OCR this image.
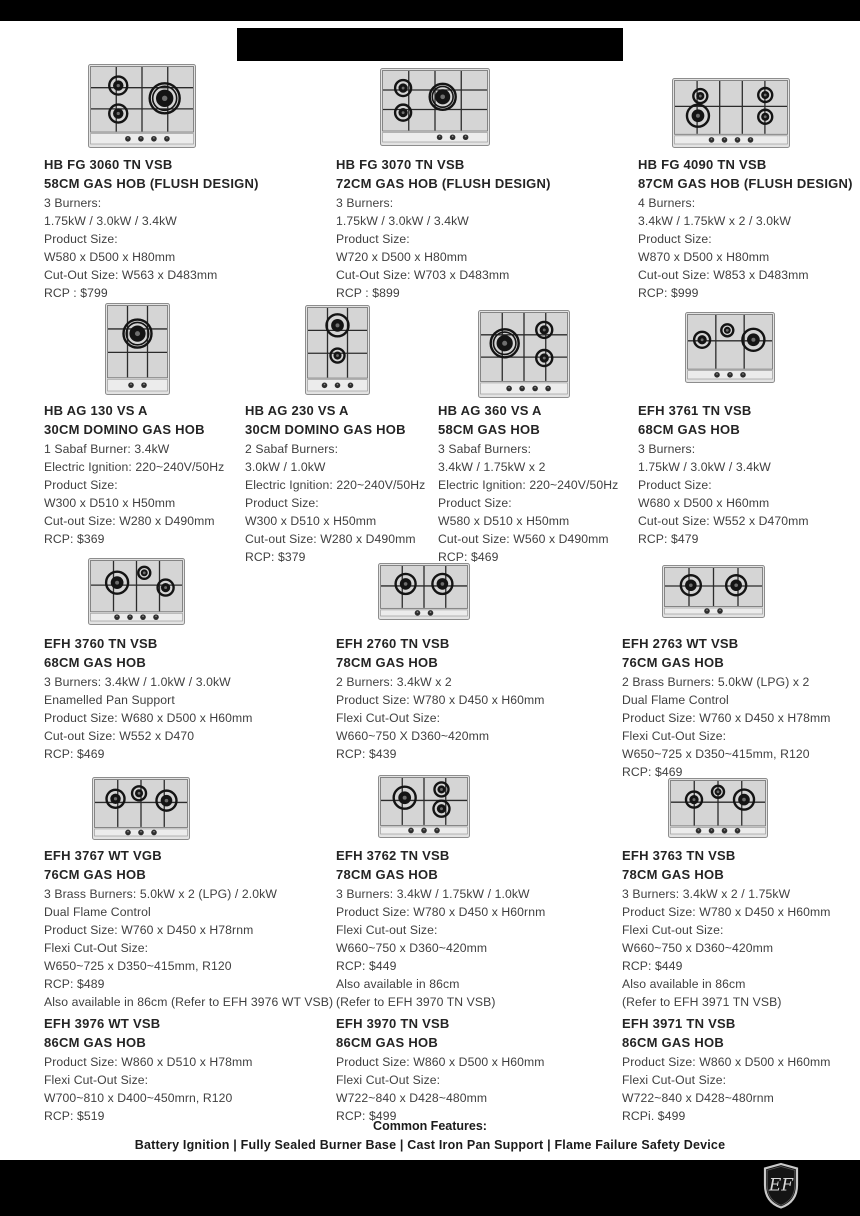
HB FG 3060 TN VSB
58CM GAS HOB (FLUSH DESIGN)
3 Burners:
1.75kW / 3.0kW / 3.4kW
Product Size:
W580 x D500 x H80mm
Cut-Out Size: W563 x D483mm
RCP : $799
HB FG 3070 TN VSB
72CM GAS HOB (FLUSH DESIGN)
3 Burners:
1.75kW / 3.0kW / 3.4kW
Product Size:
W720 x D500 x H80mm
Cut-Out Size: W703 x D483mm
RCP : $899
HB FG 4090 TN VSB
87CM GAS HOB (FLUSH DESIGN)
4 Burners:
3.4kW / 1.75kW x 2 / 3.0kW
Product Size:
W870 x D500 x H80mm
Cut-out Size: W853 x D483mm
RCP: $999
HB AG 130 VS A
30CM DOMINO GAS HOB
1 Sabaf Burner: 3.4kW
Electric Ignition: 220~240V/50Hz
Product Size:
W300 x D510 x H50mm
Cut-out Size: W280 x D490mm
RCP: $369
HB AG 230 VS A
30CM DOMINO GAS HOB
2 Sabaf Burners:
3.0kW / 1.0kW
Electric Ignition: 220~240V/50Hz
Product Size:
W300 x D510 x H50mm
Cut-out Size: W280 x D490mm
RCP: $379
HB AG 360 VS A
58CM GAS HOB
3 Sabaf Burners:
3.4kW / 1.75kW x 2
Electric Ignition: 220~240V/50Hz
Product Size:
W580 x D510 x H50mm
Cut-out Size: W560 x D490mm
RCP: $469
EFH 3761 TN VSB
68CM GAS HOB
3 Burners:
1.75kW / 3.0kW / 3.4kW
Product Size:
W680 x D500 x H60mm
Cut-out Size: W552 x D470mm
RCP: $479
EFH 3760 TN VSB
68CM GAS HOB
3 Burners: 3.4kW / 1.0kW / 3.0kW
Enamelled Pan Support
Product Size: W680 x D500 x H60mm
Cut-out Size: W552 x D470
RCP: $469
EFH 2760 TN VSB
78CM GAS HOB
2 Burners: 3.4kW x 2
Product Size: W780 x D450 x H60mm
Flexi Cut-Out Size:
W660~750 X D360~420mm
RCP: $439
EFH 2763 WT VSB
76CM GAS HOB
2 Brass Burners: 5.0kW (LPG) x 2
Dual Flame Control
Product Size: W760 x D450 x H78mm
Flexi Cut-Out Size:
W650~725 x D350~415mm, R120
RCP: $469
EFH 3767 WT VGB
76CM GAS HOB
3 Brass Burners: 5.0kW x 2 (LPG) / 2.0kW
Dual Flame Control
Product Size: W760 x D450 x H78rnm
Flexi Cut-Out Size:
W650~725 x D350~415mm, R120
RCP: $489
Also available in 86cm (Refer to EFH 3976 WT VSB)
EFH 3762 TN VSB
78CM GAS HOB
3 Burners: 3.4kW / 1.75kW / 1.0kW
Product Size: W780 x D450 x H60rnm
Flexi Cut-out Size:
W660~750 x D360~420mm
RCP: $449
Also available in 86cm
(Refer to EFH 3970 TN VSB)
EFH 3763 TN VSB
78CM GAS HOB
3 Burners: 3.4kW x 2 / 1.75kW
Product Size: W780 x D450 x H60mm
Flexi Cut-out Size:
W660~750 x D360~420mm
RCP: $449
Also available in 86cm
(Refer to EFH 3971 TN VSB)
EFH 3976 WT VSB
86CM GAS HOB
Product Size: W860 x D510 x H78mm
Flexi Cut-Out Size:
W700~810 x D400~450mrn, R120
RCP: $519
EFH 3970 TN VSB
86CM GAS HOB
Product Size: W860 x D500 x H60mm
Flexi Cut-Out Size:
W722~840 x D428~480mm
RCP: $499
EFH 3971 TN VSB
86CM GAS HOB
Product Size: W860 x D500 x H60mm
Flexi Cut-Out Size:
W722~840 x D428~480rnm
RCPi. $499
Common Features:
Battery Ignition | Fully Sealed Burner Base | Cast Iron Pan Support | Flame Failure Safety Device
EF
